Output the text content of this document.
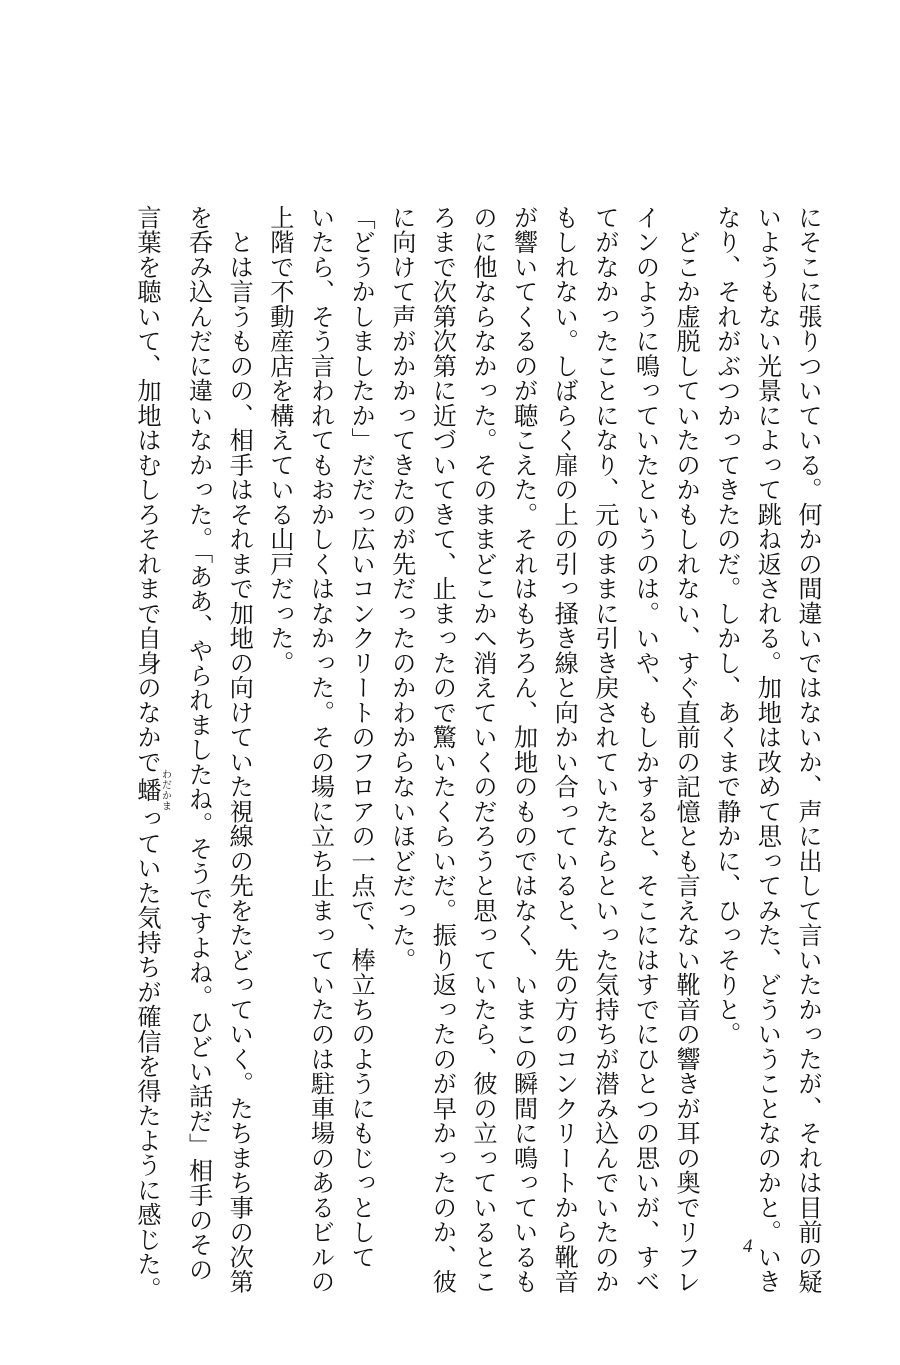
にそこに張りついている。何かの間違いではないか、声に出して言いたかったが、それは目前の疑
いようもない光景によって跳ね返される。加地は改めて思ってみた、どういうことなのかと。いき
なり、それがぶつかってきたのだ。しかし、あくまで静かに、ひっそりと。
　どこか虚脱していたのかもしれない、すぐ直前の記憶とも言えない靴音の響きが耳の奥でリフレ
インのように鳴っていたというのは。いや、もしかすると、そこにはすでにひとつの思いが、すべ
てがなかったことになり、元のままに引き戻されていたならといった気持ちが潜み込んでいたのか
もしれない。しばらく扉の上の引っ掻き線と向かい合っていると、先の方のコンクリートから靴音
が響いてくるのが聴こえた。それはもちろん、加地のものではなく、いまこの瞬間に鳴っているも
のに他ならなかった。そのままどこかへ消えていくのだろうと思っていたら、彼の立っているとこ
ろまで次第次第に近づいてきて、止まったので驚いたくらいだ。振り返ったのが早かったのか、彼
に向けて声がかかってきたのが先だったのかわからないほどだった。
「どうかしましたか」だだっ広いコンクリートのフロアの一点で、棒立ちのようにもじっとして
いたら、そう言われてもおかしくはなかった。その場に立ち止まっていたのは駐車場のあるビルの
上階で不動産店を構えている山戸だった。
　とは言うものの、相手はそれまで加地の向けていた視線の先をたどっていく。たちまち事の次第
を呑み込んだに違いなかった。「ああ、やられましたね。そうですよね。ひどい話だ」相手のその
言葉を聴いて、加地はむしろそれまで自身のなかで蟠わだかまっていた気持ちが確信を得たように感じた。	4
